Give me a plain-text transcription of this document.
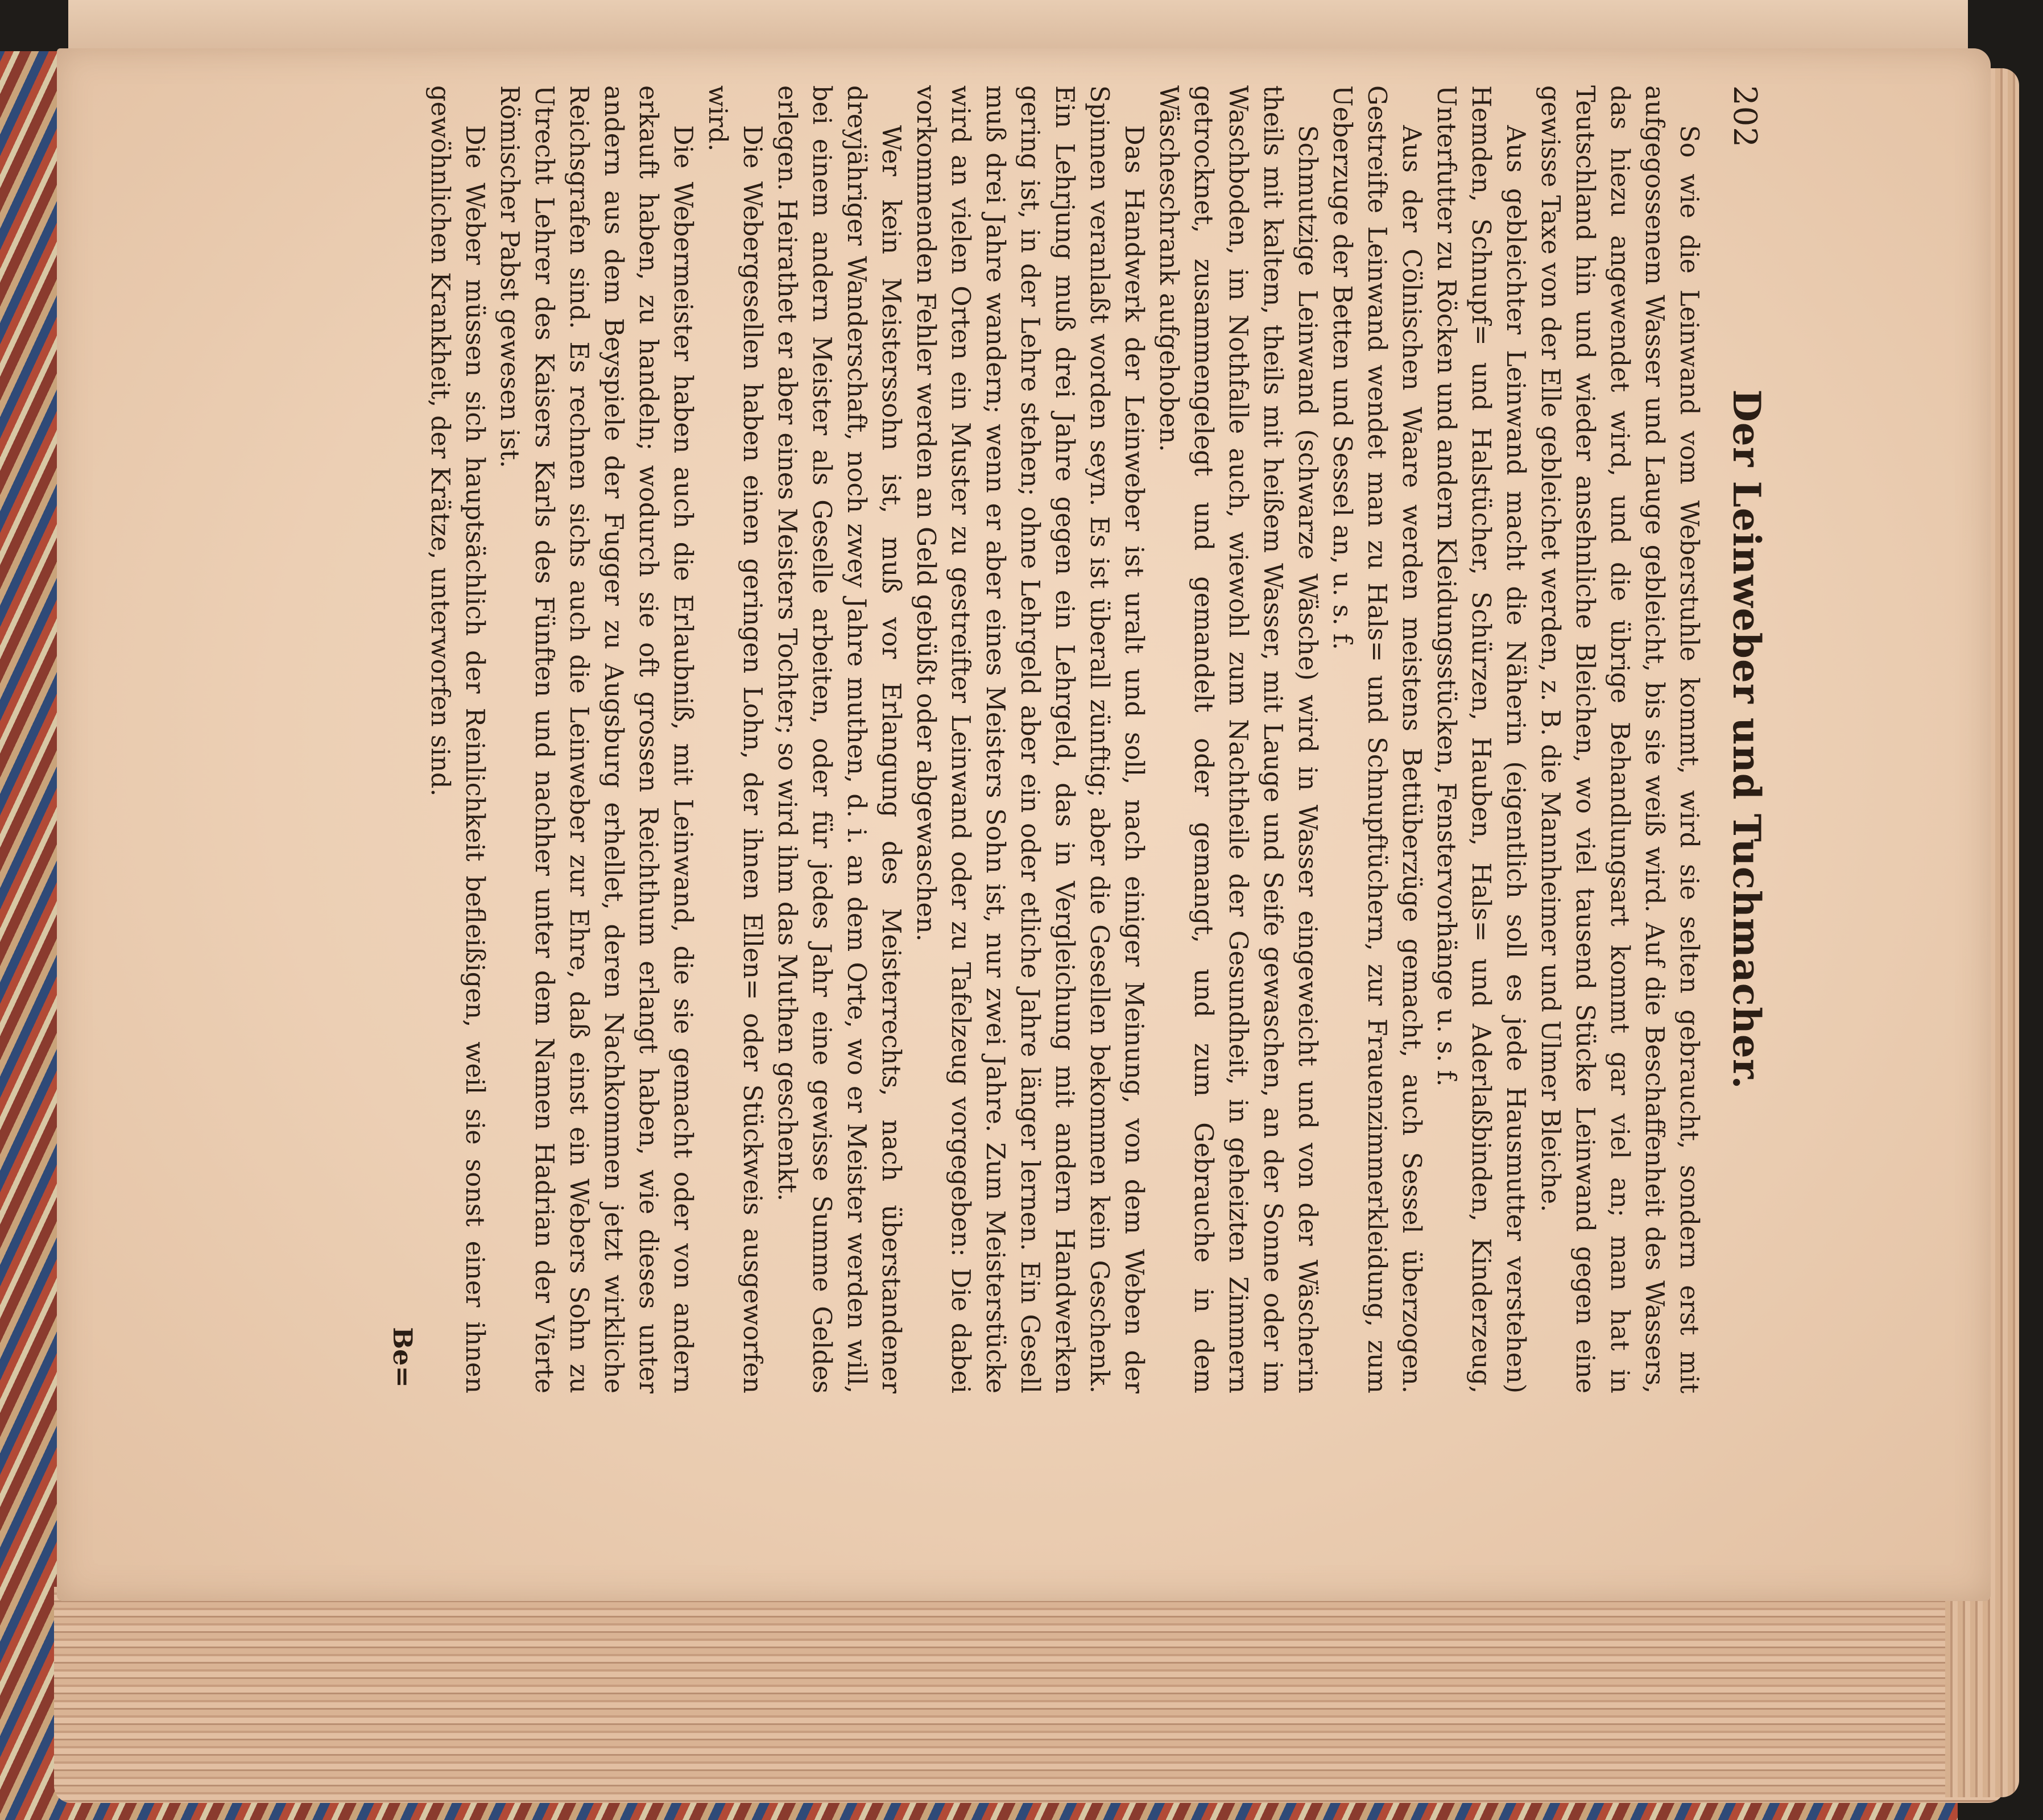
202
Der Leinweber und Tuchmacher.

So wie die Leinwand vom Weberstuhle kommt, wird sie selten gebraucht, sondern erst mit aufgegossenem Wasser und Lauge gebleicht, bis sie weiß wird. Auf die Beschaffenheit des Wassers, das hiezu angewendet wird, und die übrige Behandlungsart kommt gar viel an; man hat in Teutschland hin und wieder ansehnliche Bleichen, wo viel tausend Stücke Leinwand gegen eine gewisse Taxe von der Elle gebleichet werden, z. B. die Mannheimer und Ulmer Bleiche.

Aus gebleichter Leinwand macht die Näherin (eigentlich soll es jede Hausmutter verstehen) Hemden, Schnupf= und Halstücher, Schürzen, Hauben, Hals= und Aderlaßbinden, Kinderzeug, Unterfutter zu Röcken und andern Kleidungsstücken, Fenstervorhänge u. s. f.

Aus der Cölnischen Waare werden meistens Bettüberzüge gemacht, auch Sessel überzogen. Gestreifte Leinwand wendet man zu Hals= und Schnupftüchern, zur Frauenzimmerkleidung, zum Ueberzuge der Betten und Sessel an, u. s. f.

Schmutzige Leinwand (schwarze Wäsche) wird in Wasser eingeweicht und von der Wäscherin theils mit kaltem, theils mit heißem Wasser, mit Lauge und Seife gewaschen, an der Sonne oder im Waschboden, im Nothfalle auch, wiewohl zum Nachtheile der Gesundheit, in geheizten Zimmern getrocknet, zusammengelegt und gemandelt oder gemangt, und zum Gebrauche in dem Wäscheschrank aufgehoben.

Das Handwerk der Leinweber ist uralt und soll, nach einiger Meinung, von dem Weben der Spinnen veranlaßt worden seyn. Es ist überall zünftig; aber die Gesellen bekommen kein Geschenk. Ein Lehrjung muß drei Jahre gegen ein Lehrgeld, das in Vergleichung mit andern Handwerken gering ist, in der Lehre stehen; ohne Lehrgeld aber ein oder etliche Jahre länger lernen. Ein Gesell muß drei Jahre wandern; wenn er aber eines Meisters Sohn ist, nur zwei Jahre. Zum Meisterstücke wird an vielen Orten ein Muster zu gestreifter Leinwand oder zu Tafelzeug vorgegeben: Die dabei vorkommenden Fehler werden an Geld gebüßt oder abgewaschen.

Wer kein Meisterssohn ist, muß vor Erlangung des Meisterrechts, nach überstandener dreyjähriger Wanderschaft, noch zwey Jahre muthen, d. i. an dem Orte, wo er Meister werden will, bei einem andern Meister als Geselle arbeiten, oder für jedes Jahr eine gewisse Summe Geldes erlegen. Heirathet er aber eines Meisters Tochter; so wird ihm das Muthen geschenkt.

Die Webergesellen haben einen geringen Lohn, der ihnen Ellen= oder Stückweis ausgeworfen wird.

Die Webermeister haben auch die Erlaubniß, mit Leinwand, die sie gemacht oder von andern erkauft haben, zu handeln; wodurch sie oft grossen Reichthum erlangt haben, wie dieses unter andern aus dem Beyspiele der Fugger zu Augsburg erhellet, deren Nachkommen jetzt wirkliche Reichsgrafen sind. Es rechnen sichs auch die Leinweber zur Ehre, daß einst ein Webers Sohn zu Utrecht Lehrer des Kaisers Karls des Fünften und nachher unter dem Namen Hadrian der Vierte Römischer Pabst gewesen ist.

Die Weber müssen sich hauptsächlich der Reinlichkeit befleißigen, weil sie sonst einer ihnen gewöhnlichen Krankheit, der Krätze, unterworfen sind.

Be=
